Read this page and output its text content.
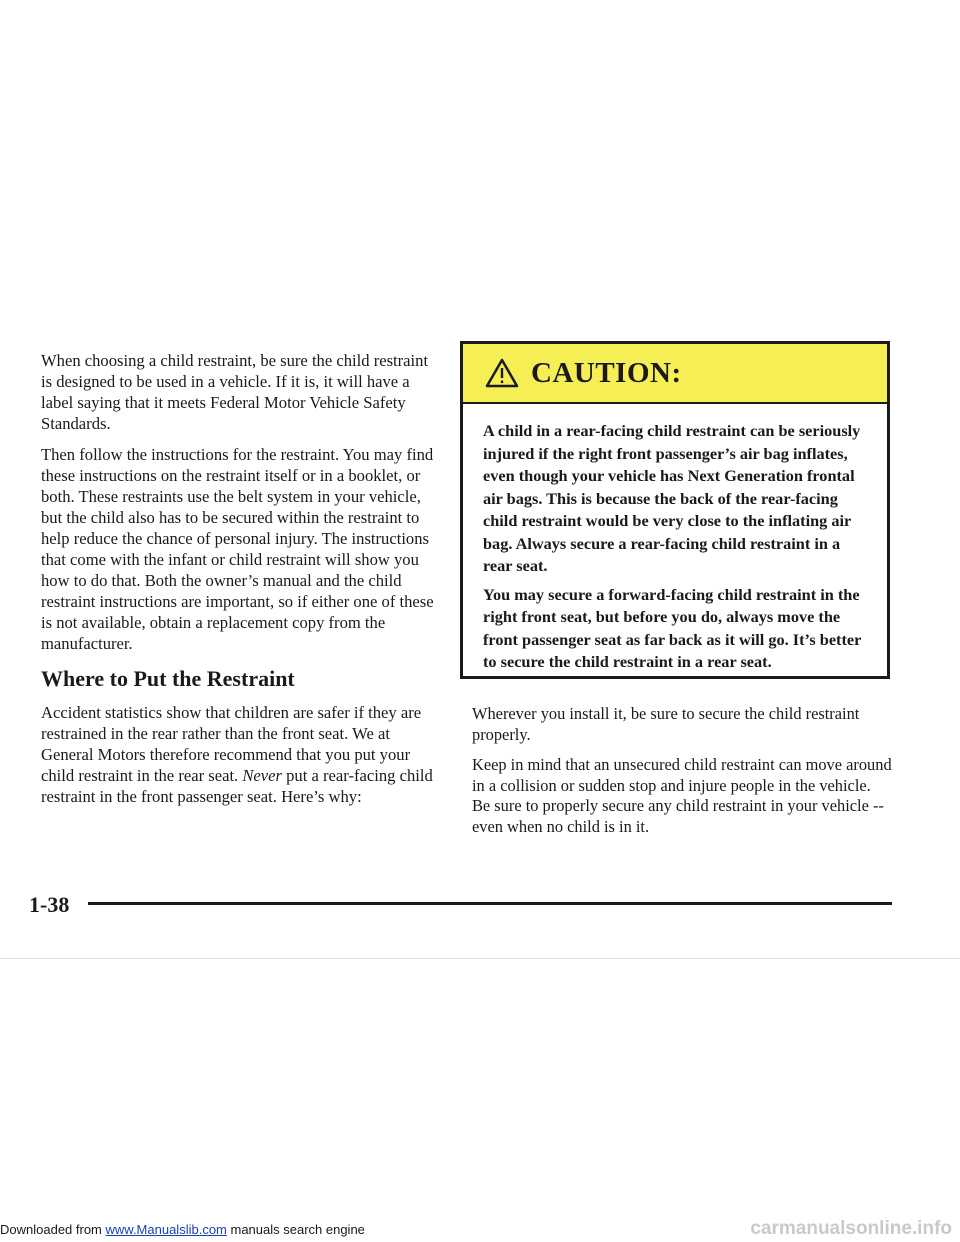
When choosing a child restraint, be sure the child restraint is designed to be used in a vehicle. If it is, it will have a label saying that it meets Federal Motor Vehicle Safety Standards.

Then follow the instructions for the restraint. You may find these instructions on the restraint itself or in a booklet, or both. These restraints use the belt system in your vehicle, but the child also has to be secured within the restraint to help reduce the chance of personal injury. The instructions that come with the infant or child restraint will show you how to do that. Both the owner’s manual and the child restraint instructions are important, so if either one of these is not available, obtain a replacement copy from the manufacturer.

Where to Put the Restraint

Accident statistics show that children are safer if they are restrained in the rear rather than the front seat. We at General Motors therefore recommend that you put your child restraint in the rear seat. Never put a rear-facing child restraint in the front passenger seat. Here’s why:

CAUTION:

A child in a rear-facing child restraint can be seriously injured if the right front passenger’s air bag inflates, even though your vehicle has Next Generation frontal air bags. This is because the back of the rear-facing child restraint would be very close to the inflating air bag. Always secure a rear-facing child restraint in a rear seat.

You may secure a forward-facing child restraint in the right front seat, but before you do, always move the front passenger seat as far back as it will go. It’s better to secure the child restraint in a rear seat.

Wherever you install it, be sure to secure the child restraint properly.

Keep in mind that an unsecured child restraint can move around in a collision or sudden stop and injure people in the vehicle. Be sure to properly secure any child restraint in your vehicle -- even when no child is in it.

1-38
Downloaded from www.Manualslib.com manuals search engine	carmanualsonline.info
